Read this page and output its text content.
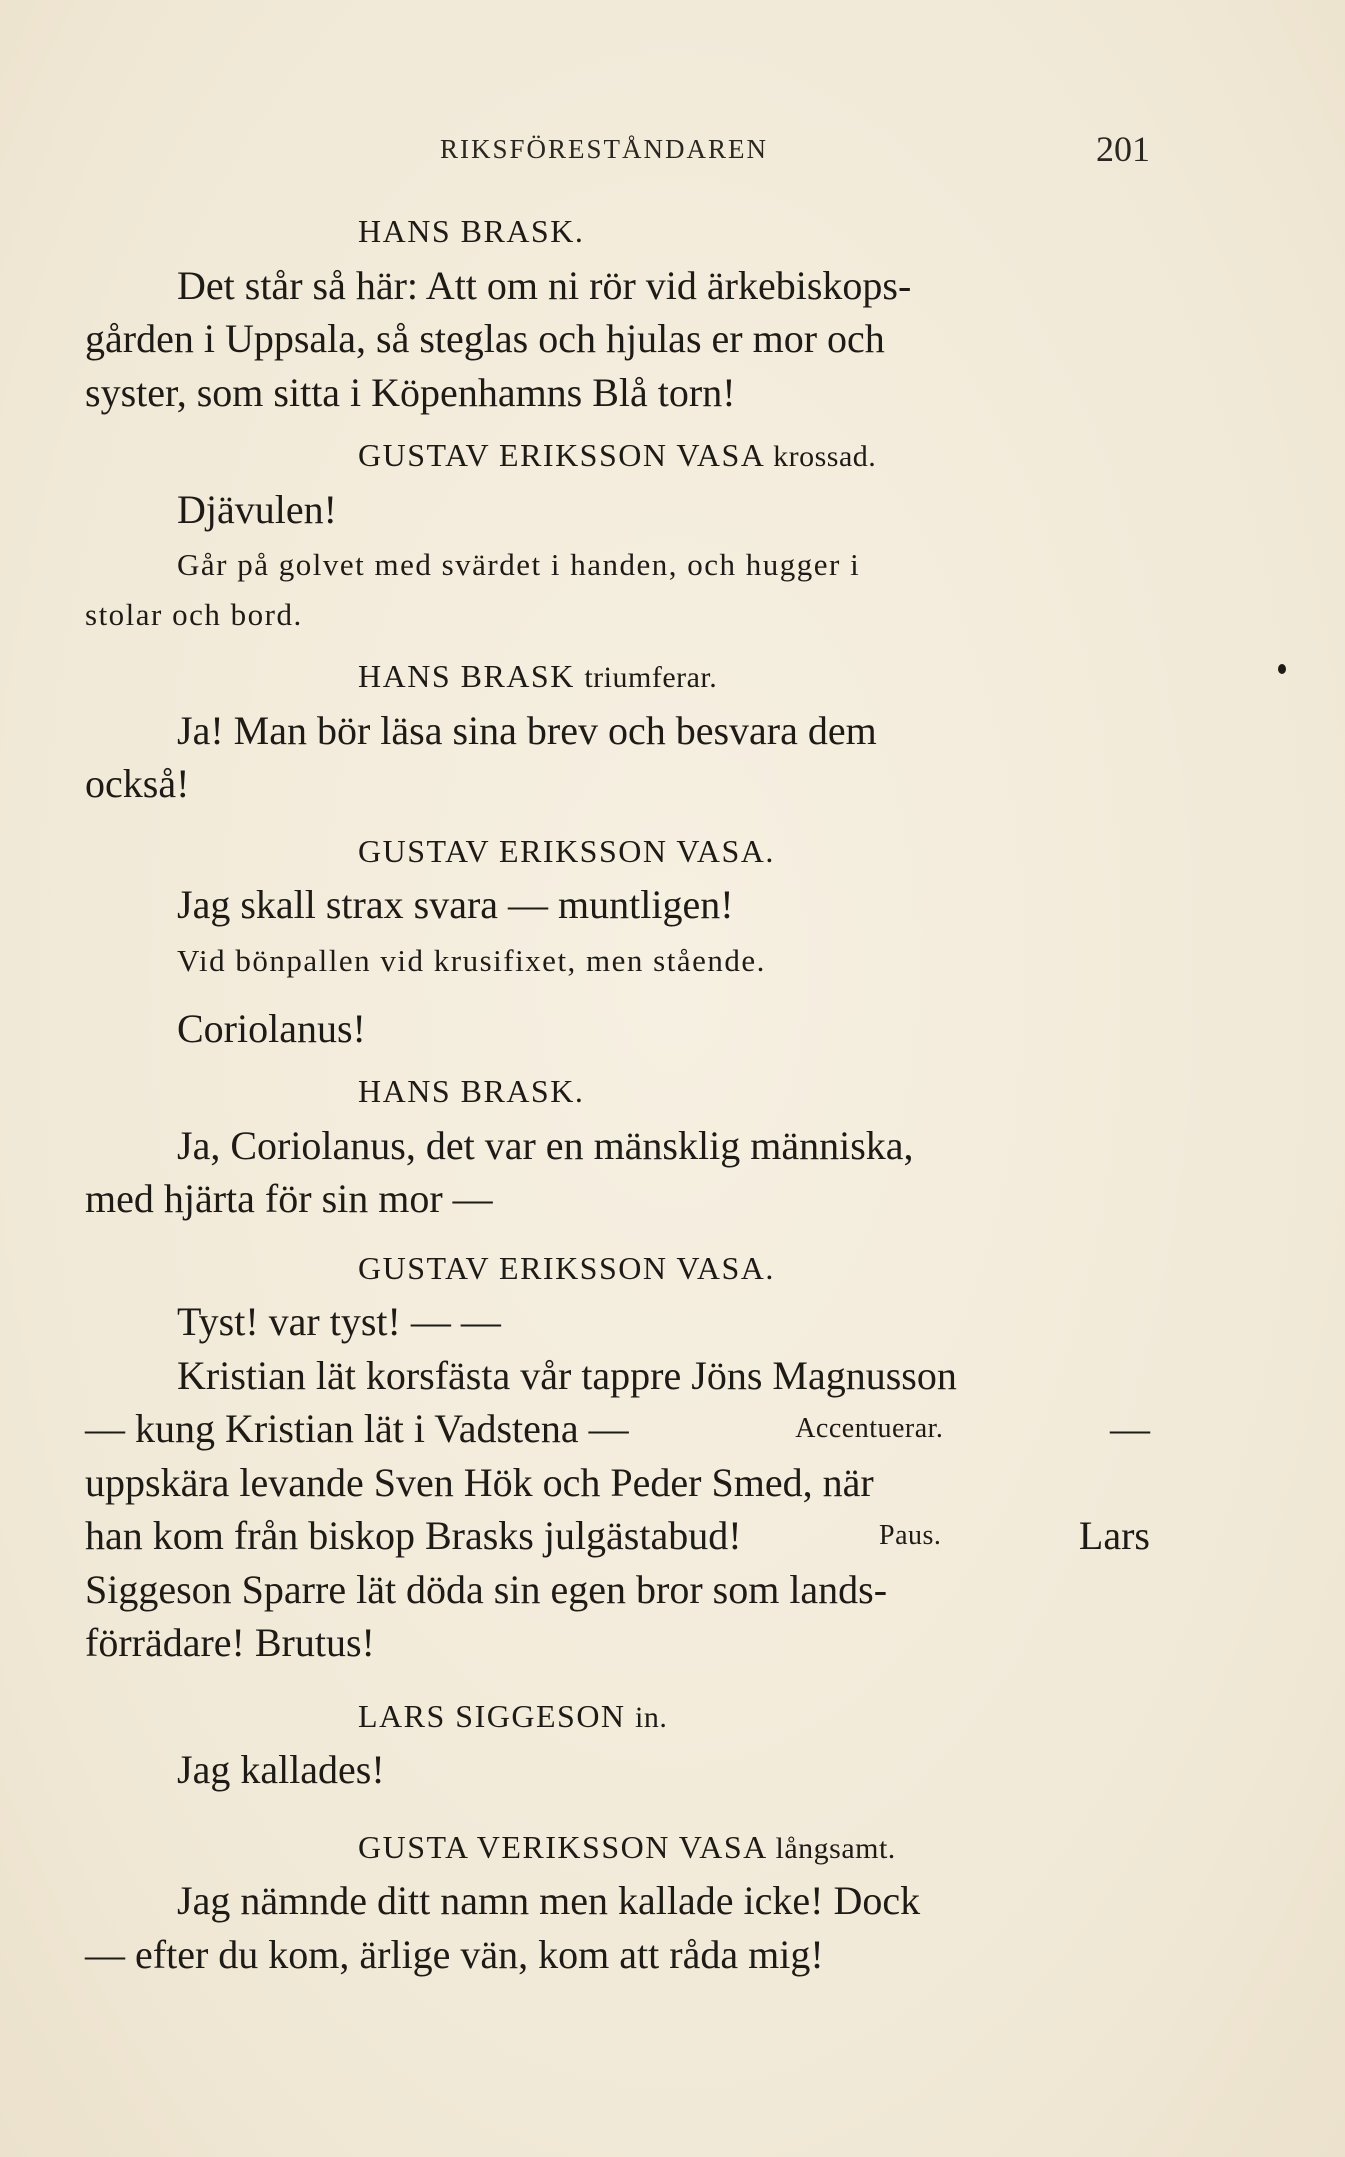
RIKSFÖRESTÅNDAREN	201
HANS BRASK.
Det står så här: Att om ni rör vid ärkebiskops-
gården i Uppsala, så steglas och hjulas er mor och
syster, som sitta i Köpenhamns Blå torn!
GUSTAV ERIKSSON VASA krossad.
Djävulen!
Går på golvet med svärdet i handen, och hugger i
stolar och bord.
HANS BRASK triumferar.
Ja! Man bör läsa sina brev och besvara dem
också!
GUSTAV ERIKSSON VASA.
Jag skall strax svara — muntligen!
Vid bönpallen vid krusifixet, men stående.
Coriolanus!
HANS BRASK.
Ja, Coriolanus, det var en mänsklig människa,
med hjärta för sin mor —
GUSTAV ERIKSSON VASA.
Tyst! var tyst! — —
Kristian lät korsfästa vår tappre Jöns Magnusson
— kung Kristian lät i Vadstena —	Accentuerar.	—
uppskära levande Sven Hök och Peder Smed, när
han kom från biskop Brasks julgästabud!	Paus.	Lars
Siggeson Sparre lät döda sin egen bror som lands-
förrädare! Brutus!
LARS SIGGESON in.
Jag kallades!
GUSTA VERIKSSON VASA långsamt.
Jag nämnde ditt namn men kallade icke! Dock
— efter du kom, ärlige vän, kom att råda mig!
